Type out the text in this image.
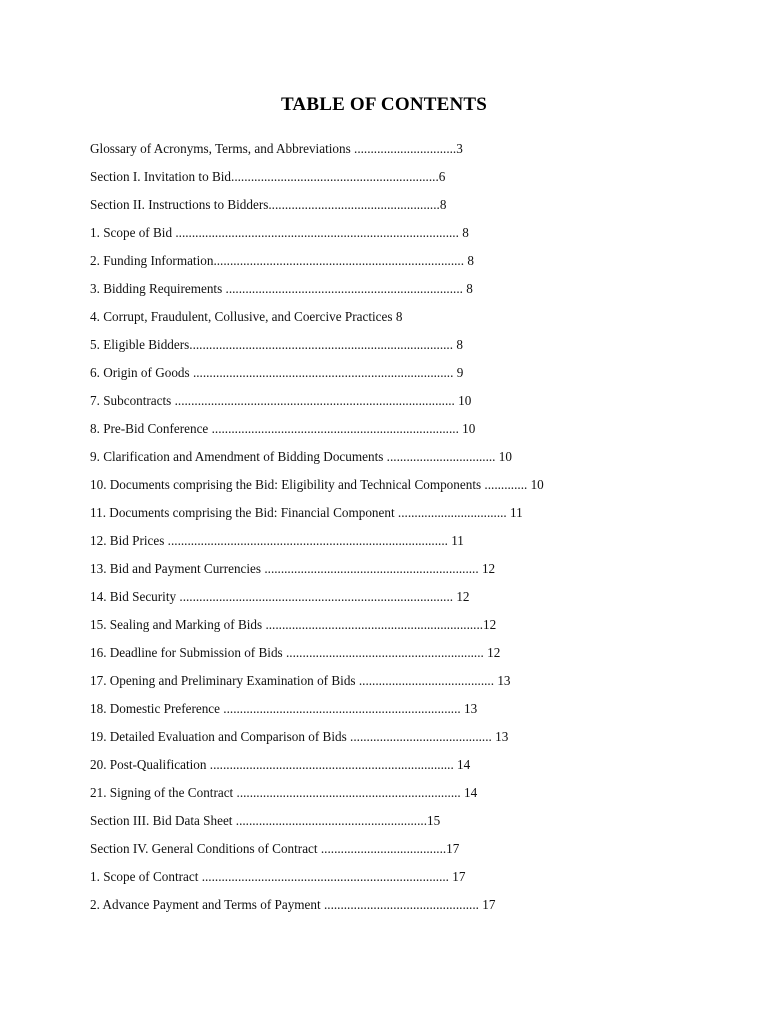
TABLE OF CONTENTS
Glossary of Acronyms, Terms, and Abbreviations ...............................3
Section I. Invitation to Bid...............................................................6
Section II. Instructions to Bidders....................................................8
1. Scope of Bid ...................................................................................... 8
2. Funding Information............................................................................ 8
3. Bidding Requirements ........................................................................ 8
4. Corrupt, Fraudulent, Collusive, and Coercive Practices 8
5. Eligible Bidders................................................................................ 8
6. Origin of Goods ............................................................................... 9
7. Subcontracts ..................................................................................... 10
8. Pre-Bid Conference ........................................................................... 10
9. Clarification and Amendment of Bidding Documents ................................. 10
10. Documents comprising the Bid: Eligibility and Technical Components ............. 10
11. Documents comprising the Bid: Financial Component ................................. 11
12. Bid Prices ..................................................................................... 11
13. Bid and Payment Currencies ................................................................. 12
14. Bid Security ................................................................................... 12
15. Sealing and Marking of Bids ..................................................................12
16. Deadline for Submission of Bids ............................................................ 12
17. Opening and Preliminary Examination of Bids ......................................... 13
18. Domestic Preference ........................................................................ 13
19. Detailed Evaluation and Comparison of Bids ........................................... 13
20. Post-Qualification .......................................................................... 14
21. Signing of the Contract .................................................................... 14
Section III. Bid Data Sheet ..........................................................15
Section IV. General Conditions of Contract ......................................17
1. Scope of Contract ........................................................................... 17
2. Advance Payment and Terms of Payment ............................................... 17
